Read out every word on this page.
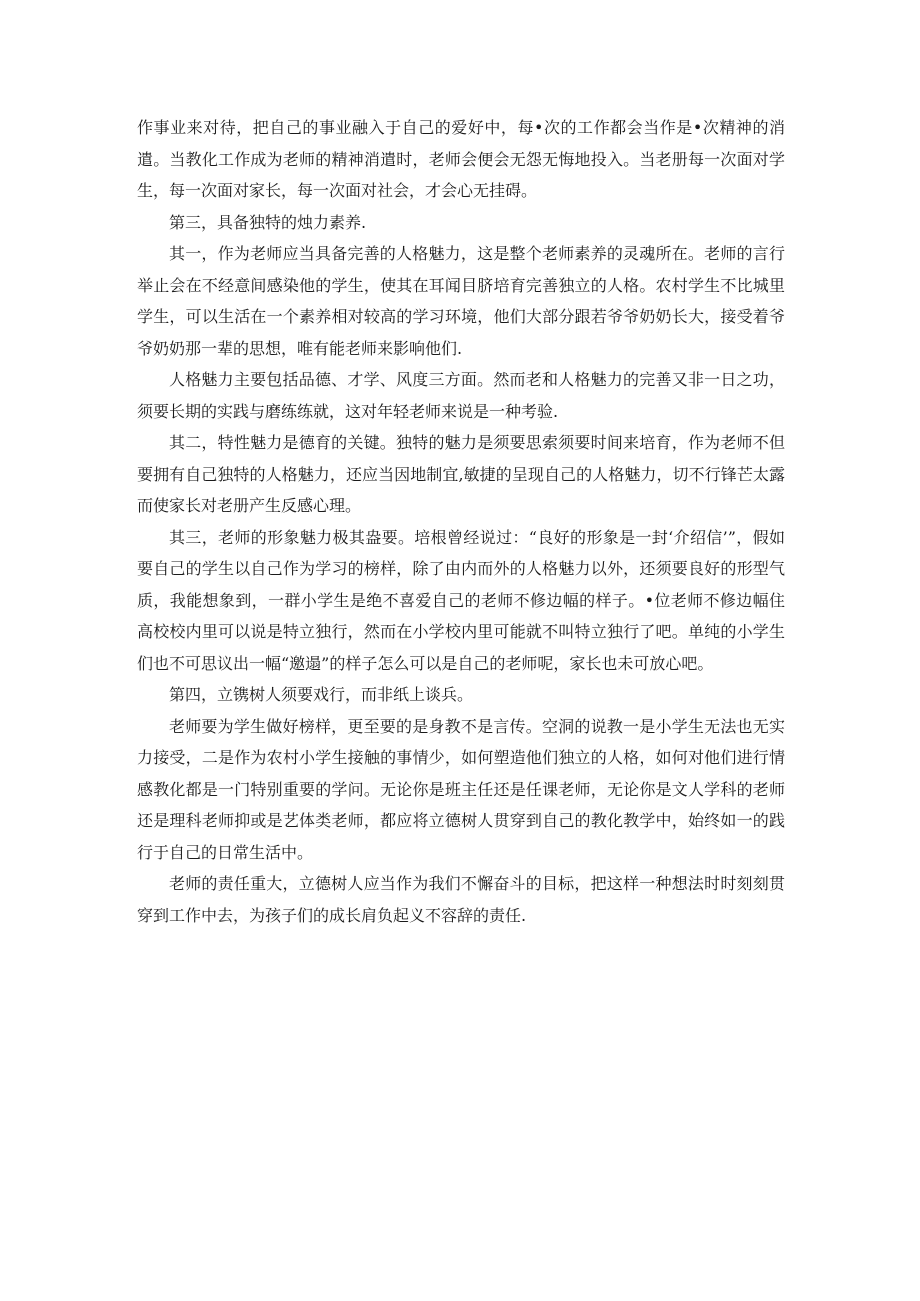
作事业来对待，把自己的事业融入于自己的爱好中，每•次的工作都会当作是•次精神的消遣。当教化工作成为老师的精神消遣时，老师会便会无怨无悔地投入。当老册每一次面对学生，每一次面对家长，每一次面对社会，才会心无挂碍。

第三，具备独特的烛力素养.

其一，作为老师应当具备完善的人格魅力，这是整个老师素养的灵魂所在。老师的言行举止会在不经意间感染他的学生，使其在耳闻目脐培育完善独立的人格。农村学生不比城里学生，可以生活在一个素养相对较高的学习环境，他们大部分跟若爷爷奶奶长大，接受着爷爷奶奶那一辈的思想，唯有能老师来影响他们.

人格魅力主要包括品德、才学、风度三方面。然而老和人格魅力的完善又非一日之功，须要长期的实践与磨练练就，这对年轻老师来说是一种考验.

其二，特性魅力是德育的关键。独特的魅力是须要思索须要时间来培育，作为老师不但要拥有自己独特的人格魅力，还应当因地制宜,敏捷的呈现自己的人格魅力，切不行锋芒太露而使家长对老册产生反感心理。

其三，老师的形象魅力极其盎要。培根曾经说过：“良好的形象是一封‘介绍信’”，假如要自己的学生以自己作为学习的榜样，除了由内而外的人格魅力以外，还须要良好的形型气质，我能想象到，一群小学生是绝不喜爱自己的老师不修边幅的样子。•位老师不修边幅住高校校内里可以说是特立独行，然而在小学校内里可能就不叫特立独行了吧。单纯的小学生们也不可思议出一幅“邀遢”的样子怎么可以是自己的老师呢，家长也未可放心吧。

第四，立镌树人须要戏行，而非纸上谈兵。

老师要为学生做好榜样，更至要的是身教不是言传。空洞的说教一是小学生无法也无实力接受，二是作为农村小学生接触的事情少，如何塑造他们独立的人格，如何对他们进行情感教化都是一门特别重要的学问。无论你是班主任还是任课老师，无论你是文人学科的老师还是理科老师抑或是艺体类老师，都应将立德树人贯穿到自己的教化教学中，始终如一的践行于自己的日常生活中。

老师的责任重大，立德树人应当作为我们不懈奋斗的目标，把这样一种想法时时刻刻贯穿到工作中去，为孩子们的成长肩负起义不容辞的责任.
